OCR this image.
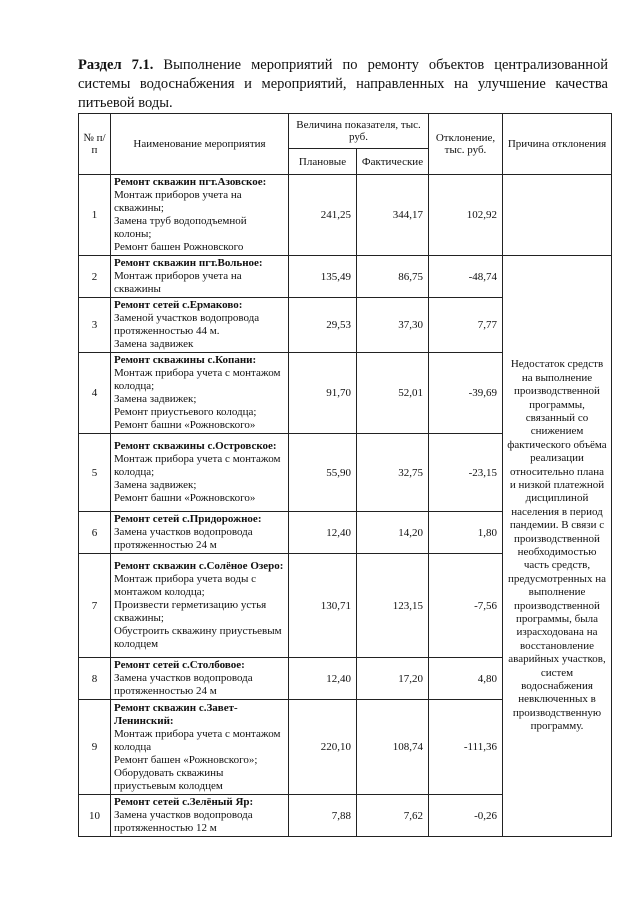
Раздел 7.1. Выполнение мероприятий по ремонту объектов централизованной системы водоснабжения и мероприятий, направленных на улучшение качества питьевой воды.
№ п/п	Наименование мероприятия	Величина показателя, тыс. руб.		Отклонение, тыс. руб.	Причина отклонения
		Плановые	Фактические		
1	Ремонт скважин пгт.Азовское:
Монтаж приборов учета на скважины;
Замена труб водоподъемной колоны;
Ремонт башен Рожновского	241,25	344,17	102,92	
2	Ремонт скважин пгт.Вольное:
Монтаж приборов учета на скважины	135,49	86,75	-48,74	Недостаток средств на выполнение производственной программы, связанный со снижением фактического объёма реализации относительно плана и низкой платежной дисциплиной населения в период пандемии. В связи с производственной необходимостью часть средств, предусмотренных на выполнение производственной программы, была израсходована на восстановление аварийных участков, систем водоснабжения невключенных в производственную программу.
3	Ремонт сетей с.Ермаково:
Заменой участков водопровода протяженностью 44 м.
Замена задвижек	29,53	37,30	7,77	
4	Ремонт скважины с.Копани:
Монтаж прибора учета с монтажом колодца;
Замена задвижек;
Ремонт приустьевого колодца;
Ремонт башни «Рожновского»	91,70	52,01	-39,69	
5	Ремонт скважины с.Островское:
Монтаж прибора учета с монтажом колодца;
Замена задвижек;
Ремонт башни «Рожновского»	55,90	32,75	-23,15	
6	Ремонт сетей с.Придорожное:
Замена участков водопровода протяженностью 24 м	12,40	14,20	1,80	
7	Ремонт скважин с.Солёное Озеро:
Монтаж прибора учета воды с монтажом колодца;
Произвести герметизацию устья скважины;
Обустроить скважину приустьевым колодцем	130,71	123,15	-7,56	
8	Ремонт сетей с.Столбовое:
Замена участков водопровода протяженностью 24 м	12,40	17,20	4,80	
9	Ремонт скважин с.Завет-Ленинский:
Монтаж прибора учета с монтажом колодца
Ремонт башен «Рожновского»;
Оборудовать скважины приустьевым колодцем	220,10	108,74	-111,36	
10	Ремонт сетей с.Зелёный Яр:
Замена участков водопровода протяженностью 12 м	7,88	7,62	-0,26	
